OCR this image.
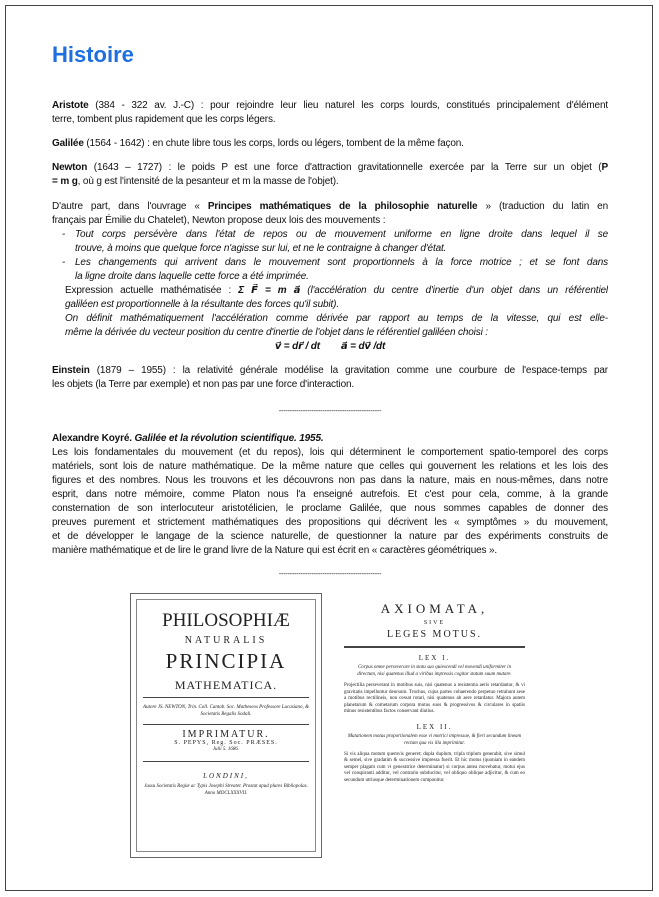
Histoire
Aristote (384 - 322 av. J.-C) : pour rejoindre leur lieu naturel les corps lourds, constitués principalement d'élément
terre, tombent plus rapidement que les corps légers.
Galilée (1564 - 1642) : en chute libre tous les corps, lords ou légers, tombent de la même façon.
Newton (1643 – 1727) : le poids P est une force d'attraction gravitationnelle exercée par la Terre sur un objet (P
= m g, où g est l'intensité de la pesanteur et m la masse de l'objet).
D'autre part, dans l'ouvrage « Principes mathématiques de la philosophie naturelle » (traduction du latin en
français par Émilie du Chatelet), Newton propose deux lois des mouvements :
- Tout corps persévère dans l'état de repos ou de mouvement uniforme en ligne droite dans lequel il se
trouve, à moins que quelque force n'agisse sur lui, et ne le contraigne à changer d'état.
- Les changements qui arrivent dans le mouvement sont proportionnels à la force motrice ; et se font dans
la ligne droite dans laquelle cette force a été imprimée.
Expression actuelle mathématisée : Σ F⃗ = m a⃗ (l'accélération du centre d'inertie d'un objet dans un référentiel
galiléen est proportionnelle à la résultante des forces qu'il subit).
On définit mathématiquement l'accélération comme dérivée par rapport au temps de la vitesse, qui est elle-
même la dérivée du vecteur position du centre d'inertie de l'objet dans le référentiel galiléen choisi :
v⃗ = dr⃗ / dt        a⃗ = dv⃗ /dt
Einstein (1879 – 1955) : la relativité générale modélise la gravitation comme une courbure de l'espace-temps par
les objets (la Terre par exemple) et non pas par une force d'interaction.
-----------------------------------------------
Alexandre Koyré. Galilée et la révolution scientifique. 1955.
Les lois fondamentales du mouvement (et du repos), lois qui déterminent le comportement spatio-temporel des corps
matériels, sont lois de nature mathématique. De la même nature que celles qui gouvernent les relations et les lois des
figures et des nombres. Nous les trouvons et les découvrons non pas dans la nature, mais en nous-mêmes, dans notre
esprit, dans notre mémoire, comme Platon nous l'a enseigné autrefois. Et c'est pour cela, comme, à la grande
consternation de son interlocuteur aristotélicien, le proclame Galilée, que nous sommes capables de donner des
preuves purement et strictement mathématiques des propositions qui décrivent les « symptômes » du mouvement,
et de développer le langage de la science naturelle, de questionner la nature par des expériments construits de
manière mathématique et de lire le grand livre de la Nature qui est écrit en « caractères géométriques ».
-----------------------------------------------
PHILOSOPHIÆ
NATURALIS
PRINCIPIA
MATHEMATICA.
Autore JS. NEWTON, Trin. Coll. Cantab. Soc. Matheseos Professore Lucasiano, & Societatis Regalis Sodali.
IMPRIMATUR.
S. PEPYS, Reg. Soc. PRÆSES.
Julii 5. 1686.
LONDINI,
Jussu Societatis Regiæ ac Typis Josephi Streater. Prostat apud plures Bibliopolas. Anno MDCLXXXVII.
AXIOMATA,
SIVE
LEGES MOTUS.
LEX I.
Corpus omne perseverare in statu suo quiescendi vel movendi uniformiter in directum, nisi quatenus illud a viribus impressis cogitur statum suum mutare.
Projectilia perseverant in motibus suis, nisi quatenus a resistentia aeris retardantur, & vi gravitatis impelluntur deorsum. Trochus, cujus partes cohaerendo perpetuo retrahunt sese a motibus rectilineis, non cessat rotari, nisi quatenus ab aere retardatur. Majora autem planetarum & cometarum corpora motus suos & progressivos & circulares in spatiis minus resistentibus factos conservant diutius.
LEX II.
Mutationem motus proportionalem esse vi motrici impressae, & fieri secundum lineam rectam qua vis illa imprimitur.
Si vis aliqua motum quemvis generet; dupla duplum, tripla triplum generabit, sive simul & semel, sive gradatim & successive impressa fuerit. Et hic motus (quoniam in eandem semper plagam cum vi generatrice determinatur) si corpus antea movebatur, motui ejus vel conspiranti additur, vel contrario subducitur, vel obliquo oblique adjicitur, & cum eo secundum utriusque determinationem componitur.
